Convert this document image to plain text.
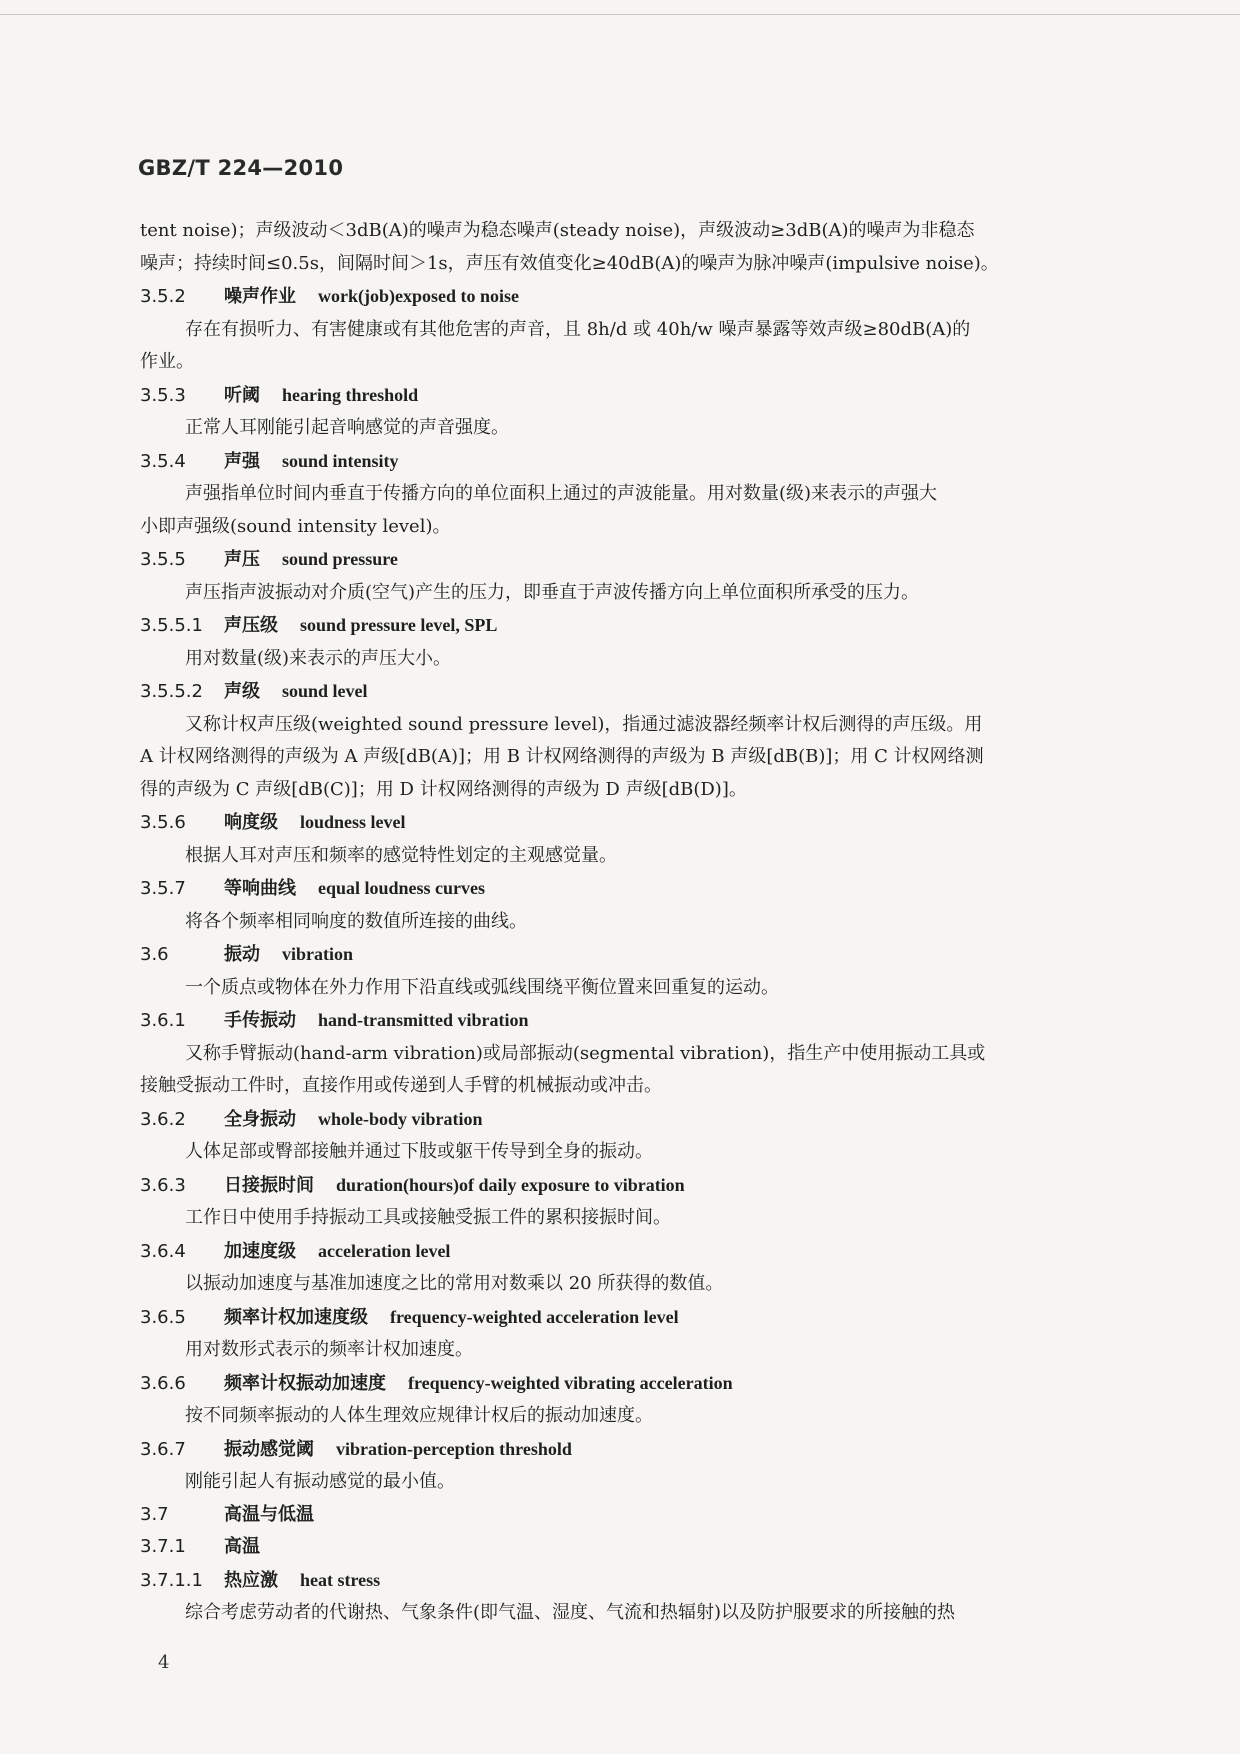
GBZ/T 224—2010
tent noise)；声级波动＜3dB(A)的噪声为稳态噪声(steady noise)，声级波动≥3dB(A)的噪声为非稳态
噪声；持续时间≤0.5s，间隔时间＞1s，声压有效值变化≥40dB(A)的噪声为脉冲噪声(impulsive noise)。
3.5.2 噪声作业 work(job)exposed to noise
存在有损听力、有害健康或有其他危害的声音，且 8h/d 或 40h/w 噪声暴露等效声级≥80dB(A)的
作业。
3.5.3 听阈 hearing threshold
正常人耳刚能引起音响感觉的声音强度。
3.5.4 声强 sound intensity
声强指单位时间内垂直于传播方向的单位面积上通过的声波能量。用对数量(级)来表示的声强大
小即声强级(sound intensity level)。
3.5.5 声压 sound pressure
声压指声波振动对介质(空气)产生的压力，即垂直于声波传播方向上单位面积所承受的压力。
3.5.5.1 声压级 sound pressure level, SPL
用对数量(级)来表示的声压大小。
3.5.5.2 声级 sound level
又称计权声压级(weighted sound pressure level)，指通过滤波器经频率计权后测得的声压级。用
A 计权网络测得的声级为 A 声级[dB(A)]；用 B 计权网络测得的声级为 B 声级[dB(B)]；用 C 计权网络测
得的声级为 C 声级[dB(C)]；用 D 计权网络测得的声级为 D 声级[dB(D)]。
3.5.6 响度级 loudness level
根据人耳对声压和频率的感觉特性划定的主观感觉量。
3.5.7 等响曲线 equal loudness curves
将各个频率相同响度的数值所连接的曲线。
3.6	振动 vibration
一个质点或物体在外力作用下沿直线或弧线围绕平衡位置来回重复的运动。
3.6.1 手传振动 hand-transmitted vibration
又称手臂振动(hand-arm vibration)或局部振动(segmental vibration)，指生产中使用振动工具或
接触受振动工件时，直接作用或传递到人手臂的机械振动或冲击。
3.6.2 全身振动 whole-body vibration
人体足部或臀部接触并通过下肢或躯干传导到全身的振动。
3.6.3 日接振时间 duration(hours)of daily exposure to vibration
工作日中使用手持振动工具或接触受振工件的累积接振时间。
3.6.4 加速度级 acceleration level
以振动加速度与基准加速度之比的常用对数乘以 20 所获得的数值。
3.6.5 频率计权加速度级 frequency-weighted acceleration level
用对数形式表示的频率计权加速度。
3.6.6 频率计权振动加速度 frequency-weighted vibrating acceleration
按不同频率振动的人体生理效应规律计权后的振动加速度。
3.6.7 振动感觉阈 vibration-perception threshold
刚能引起人有振动感觉的最小值。
3.7	高温与低温
3.7.1 高温
3.7.1.1 热应激 heat stress
综合考虑劳动者的代谢热、气象条件(即气温、湿度、气流和热辐射)以及防护服要求的所接触的热
4
